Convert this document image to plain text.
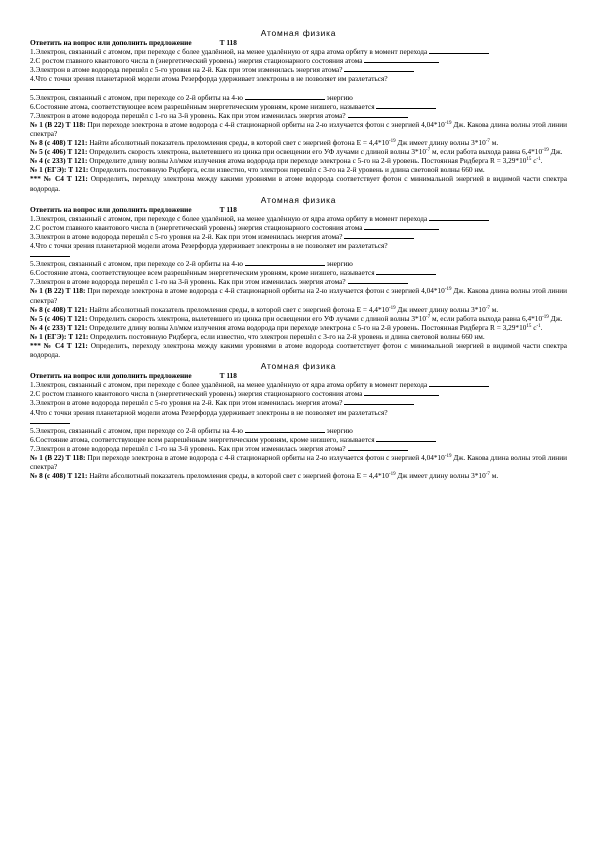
Атомная физика

Ответить на вопрос или дополнить предложение	Т 118

1.Электрон, связанный с атомом, при переходе с более удалённой, на менее удалённую от ядра атома орбиту в момент перехода

2.С ростом главного квантового числа n (энергетический уровень) энергия стационарного состояния атома

3.Электрон в атоме водорода перешёл с 5-го уровня на 2-й. Как при этом изменилась энергия атома?

4.Что с точки зрения планетарной модели атома Резерфорда удерживает электроны в не позволяет им разлетаться?

5.Электрон, связанный с атомом, при переходе со 2-й орбиты на 4-ю	энергию

6.Состояние атома, соответствующее всем разрешённым энергетическим уровням, кроме низшего, называется

7.Электрон в атоме водорода перешёл с 1-го на 3-й уровень. Как при этом изменилась энергия атома?

№ 1 (В 22) Т 118: При переходе электрона в атоме водорода с 4-й стационарной орбиты на 2-ю излучается фотон с энергией $4,04*10^{-19}$ Дж. Какова длина волны этой линии спектра?

№ 8 (с 408) Т 121: Найти абсолютный показатель преломления среды, в которой свет с энергией фотона $Е = 4,4*10^{-19}$ Дж имеет длину волны $3*10^{-7}$ м.

№ 5 (с 406) Т 121: Определить скорость электрона, вылетевшего из цинка при освещении его УФ лучами с длиной волны $3*10^{-7}$ м, если работа выхода равна $6,4*10^{-19}$ Дж.

№ 4 (с 233) Т 121: Определите длину волны λл/мкм излучения атома водорода при переходе электрона с 5-го на 2-й уровень. Постоянная Ридберга $R = 3,29*10^{15}$ $с^{-1}$.

№ 1 (ЕГЭ): Т 121: Определить постоянную Ридберга, если известно, что электрон перешёл с 3-го на 2-й уровень и длина световой волны 660 нм.

*** № С4 Т 121: Определить, переходу электрона между какими уровнями в атоме водорода соответствует фотон с минимальной энергией в видимой части спектра водорода.

Атомная физика

Ответить на вопрос или дополнить предложение	Т 118

1.Электрон, связанный с атомом, при переходе с более удалённой, на менее удалённую от ядра атома орбиту в момент перехода

2.С ростом главного квантового числа n (энергетический уровень) энергия стационарного состояния атома

3.Электрон в атоме водорода перешёл с 5-го уровня на 2-й. Как при этом изменилась энергия атома?

4.Что с точки зрения планетарной модели атома Резерфорда удерживает электроны в не позволяет им разлетаться?

5.Электрон, связанный с атомом, при переходе со 2-й орбиты на 4-ю	энергию

6.Состояние атома, соответствующее всем разрешённым энергетическим уровням, кроме низшего, называется

7.Электрон в атоме водорода перешёл с 1-го на 3-й уровень. Как при этом изменилась энергия атома?

№ 1 (В 22) Т 118: При переходе электрона в атоме водорода с 4-й стационарной орбиты на 2-ю излучается фотон с энергией $4,04*10^{-19}$ Дж. Какова длина волны этой линии спектра?

№ 8 (с 408) Т 121: Найти абсолютный показатель преломления среды, в которой свет с энергией фотона $Е = 4,4*10^{-19}$ Дж имеет длину волны $3*10^{-7}$ м.

№ 5 (с 406) Т 121: Определить скорость электрона, вылетевшего из цинка при освещении его УФ лучами с длиной волны $3*10^{-7}$ м, если работа выхода равна $6,4*10^{-19}$ Дж.

№ 4 (с 233) Т 121: Определите длину волны λл/мкм излучения атома водорода при переходе электрона с 5-го на 2-й уровень. Постоянная Ридберга $R = 3,29*10^{15}$ $с^{-1}$.

№ 1 (ЕГЭ): Т 121: Определить постоянную Ридберга, если известно, что электрон перешёл с 3-го на 2-й уровень и длина световой волны 660 нм.

*** № С4 Т 121: Определить, переходу электрона между какими уровнями в атоме водорода соответствует фотон с минимальной энергией в видимой части спектра водорода.

Атомная физика

Ответить на вопрос или дополнить предложение	Т 118

1.Электрон, связанный с атомом, при переходе с более удалённой, на менее удалённую от ядра атома орбиту в момент перехода

2.С ростом главного квантового числа n (энергетический уровень) энергия стационарного состояния атома

3.Электрон в атоме водорода перешёл с 5-го уровня на 2-й. Как при этом изменилась энергия атома?

4.Что с точки зрения планетарной модели атома Резерфорда удерживает электроны в не позволяет им разлетаться?

5.Электрон, связанный с атомом, при переходе со 2-й орбиты на 4-ю	энергию

6.Состояние атома, соответствующее всем разрешённым энергетическим уровням, кроме низшего, называется

7.Электрон в атоме водорода перешёл с 1-го на 3-й уровень. Как при этом изменилась энергия атома?

№ 1 (В 22) Т 118: При переходе электрона в атоме водорода с 4-й стационарной орбиты на 2-ю излучается фотон с энергией $4,04*10^{-19}$ Дж. Какова длина волны этой линии спектра?

№ 8 (с 408) Т 121: Найти абсолютный показатель преломления среды, в которой свет с энергией фотона $Е = 4,4*10^{-19}$ Дж имеет длину волны $3*10^{-7}$ м.
